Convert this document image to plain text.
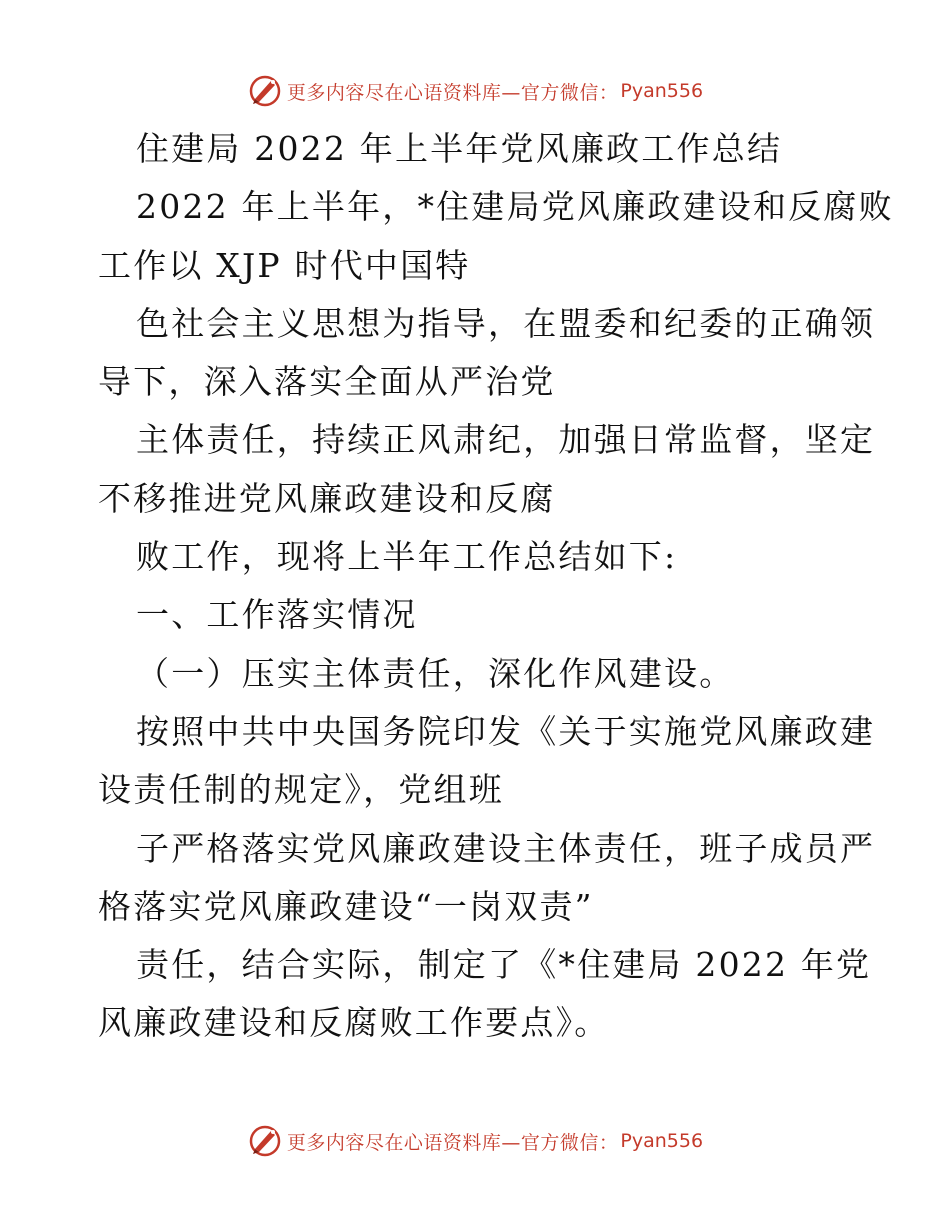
更多内容尽在心语资料库—官方微信： Pyan556
住建局 2022 年上半年党风廉政工作总结
2022 年上半年，*住建局党风廉政建设和反腐败
工作以 XJP 时代中国特
色社会主义思想为指导，在盟委和纪委的正确领
导下，深入落实全面从严治党
主体责任，持续正风肃纪，加强日常监督，坚定
不移推进党风廉政建设和反腐
败工作，现将上半年工作总结如下:
一、工作落实情况
（一）压实主体责任，深化作风建设。
按照中共中央国务院印发《关于实施党风廉政建
设责任制的规定》，党组班
子严格落实党风廉政建设主体责任，班子成员严
格落实党风廉政建设“一岗双责”
责任，结合实际，制定了《*住建局 2022 年党
风廉政建设和反腐败工作要点》。
更多内容尽在心语资料库—官方微信： Pyan556
